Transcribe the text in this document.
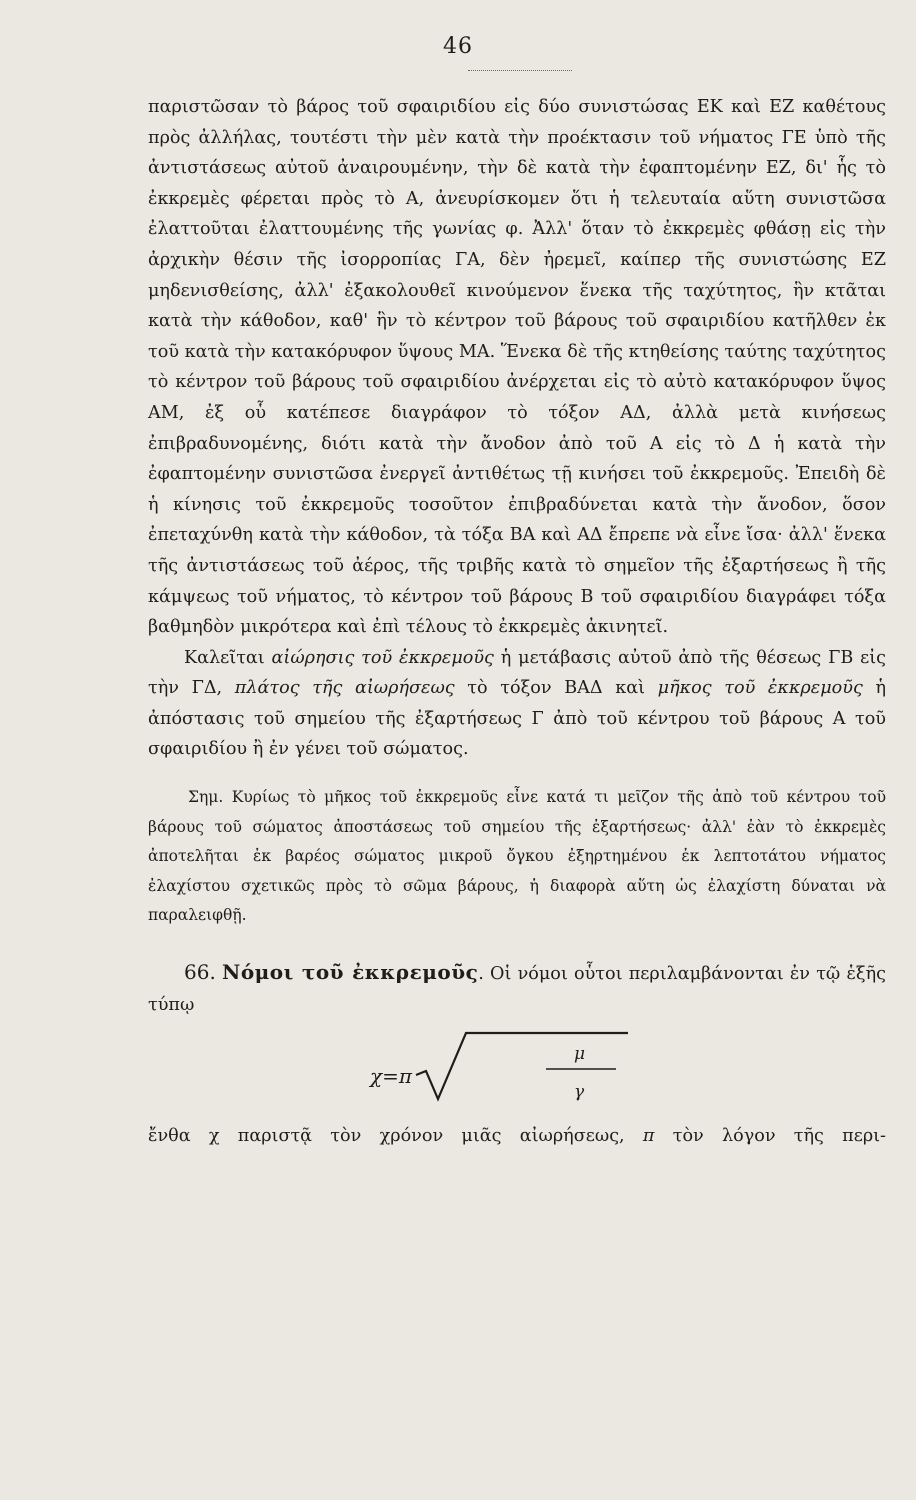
46

παριστῶσαν τὸ βάρος τοῦ σφαιριδίου εἰς δύο συνιστώσας ΕΚ καὶ ΕΖ καθέτους πρὸς ἀλλήλας, τουτέστι τὴν μὲν κατὰ τὴν προέκτασιν τοῦ νήματος ΓΕ ὑπὸ τῆς ἀντιστάσεως αὐτοῦ ἀναιρουμένην, τὴν δὲ κατὰ τὴν ἐφαπτομένην ΕΖ, δι' ἧς τὸ ἐκκρεμὲς φέρεται πρὸς τὸ Α, ἀνευρίσκομεν ὅτι ἡ τελευταία αὕτη συνιστῶσα ἐλαττοῦται ἐλαττουμένης τῆς γωνίας φ. Ἀλλ' ὅταν τὸ ἐκκρεμὲς φθάσῃ εἰς τὴν ἀρχικὴν θέσιν τῆς ἰσορροπίας ΓΑ, δὲν ἠρεμεῖ, καίπερ τῆς συνιστώσης ΕΖ μηδενισθείσης, ἀλλ' ἐξακολουθεῖ κινούμενον ἕνεκα τῆς ταχύτητος, ἣν κτᾶται κατὰ τὴν κάθοδον, καθ' ἣν τὸ κέντρον τοῦ βάρους τοῦ σφαιριδίου κατῆλθεν ἐκ τοῦ κατὰ τὴν κατακόρυφον ὕψους ΜΑ. Ἕνεκα δὲ τῆς κτηθείσης ταύτης ταχύτητος τὸ κέντρον τοῦ βάρους τοῦ σφαιριδίου ἀνέρχεται εἰς τὸ αὐτὸ κατακόρυφον ὕψος ΑΜ, ἐξ οὗ κατέπεσε διαγράφον τὸ τόξον ΑΔ, ἀλλὰ μετὰ κινήσεως ἐπιβραδυνομένης, διότι κατὰ τὴν ἄνοδον ἀπὸ τοῦ Α εἰς τὸ Δ ἡ κατὰ τὴν ἐφαπτομένην συνιστῶσα ἐνεργεῖ ἀντιθέτως τῇ κινήσει τοῦ ἐκκρεμοῦς. Ἐπειδὴ δὲ ἡ κίνησις τοῦ ἐκκρεμοῦς τοσοῦτον ἐπιβραδύνεται κατὰ τὴν ἄνοδον, ὅσον ἐπεταχύνθη κατὰ τὴν κάθοδον, τὰ τόξα ΒΑ καὶ ΑΔ ἔπρεπε νὰ εἶνε ἴσα· ἀλλ' ἕνεκα τῆς ἀντιστάσεως τοῦ ἀέρος, τῆς τριβῆς κατὰ τὸ σημεῖον τῆς ἐξαρτήσεως ἢ τῆς κάμψεως τοῦ νήματος, τὸ κέντρον τοῦ βάρους Β τοῦ σφαιριδίου διαγράφει τόξα βαθμηδὸν μικρότερα καὶ ἐπὶ τέλους τὸ ἐκκρεμὲς ἀκινητεῖ.

Καλεῖται αἰώρησις τοῦ ἐκκρεμοῦς ἡ μετάβασις αὐτοῦ ἀπὸ τῆς θέσεως ΓΒ εἰς τὴν ΓΔ, πλάτος τῆς αἰωρήσεως τὸ τόξον ΒΑΔ καὶ μῆκος τοῦ ἐκκρεμοῦς ἡ ἀπόστασις τοῦ σημείου τῆς ἐξαρτήσεως Γ ἀπὸ τοῦ κέντρου τοῦ βάρους Α τοῦ σφαιριδίου ἢ ἐν γένει τοῦ σώματος.

Σημ. Κυρίως τὸ μῆκος τοῦ ἐκκρεμοῦς εἶνε κατά τι μεῖζον τῆς ἀπὸ τοῦ κέντρου τοῦ βάρους τοῦ σώματος ἀποστάσεως τοῦ σημείου τῆς ἐξαρτήσεως· ἀλλ' ἐὰν τὸ ἐκκρεμὲς ἀποτελῆται ἐκ βαρέος σώματος μικροῦ ὄγκου ἐξηρτημένου ἐκ λεπτοτάτου νήματος ἐλαχίστου σχετικῶς πρὸς τὸ σῶμα βάρους, ἡ διαφορὰ αὕτη ὡς ἐλαχίστη δύναται νὰ παραλειφθῇ.

66. Νόμοι τοῦ ἐκκρεμοῦς. Οἱ νόμοι οὗτοι περιλαμβάνονται ἐν τῷ ἑξῆς τύπῳ

χ=π
μ
γ

ἔνθα χ παριστᾷ τὸν χρόνον μιᾶς αἰωρήσεως, π τὸν λόγον τῆς περι-
